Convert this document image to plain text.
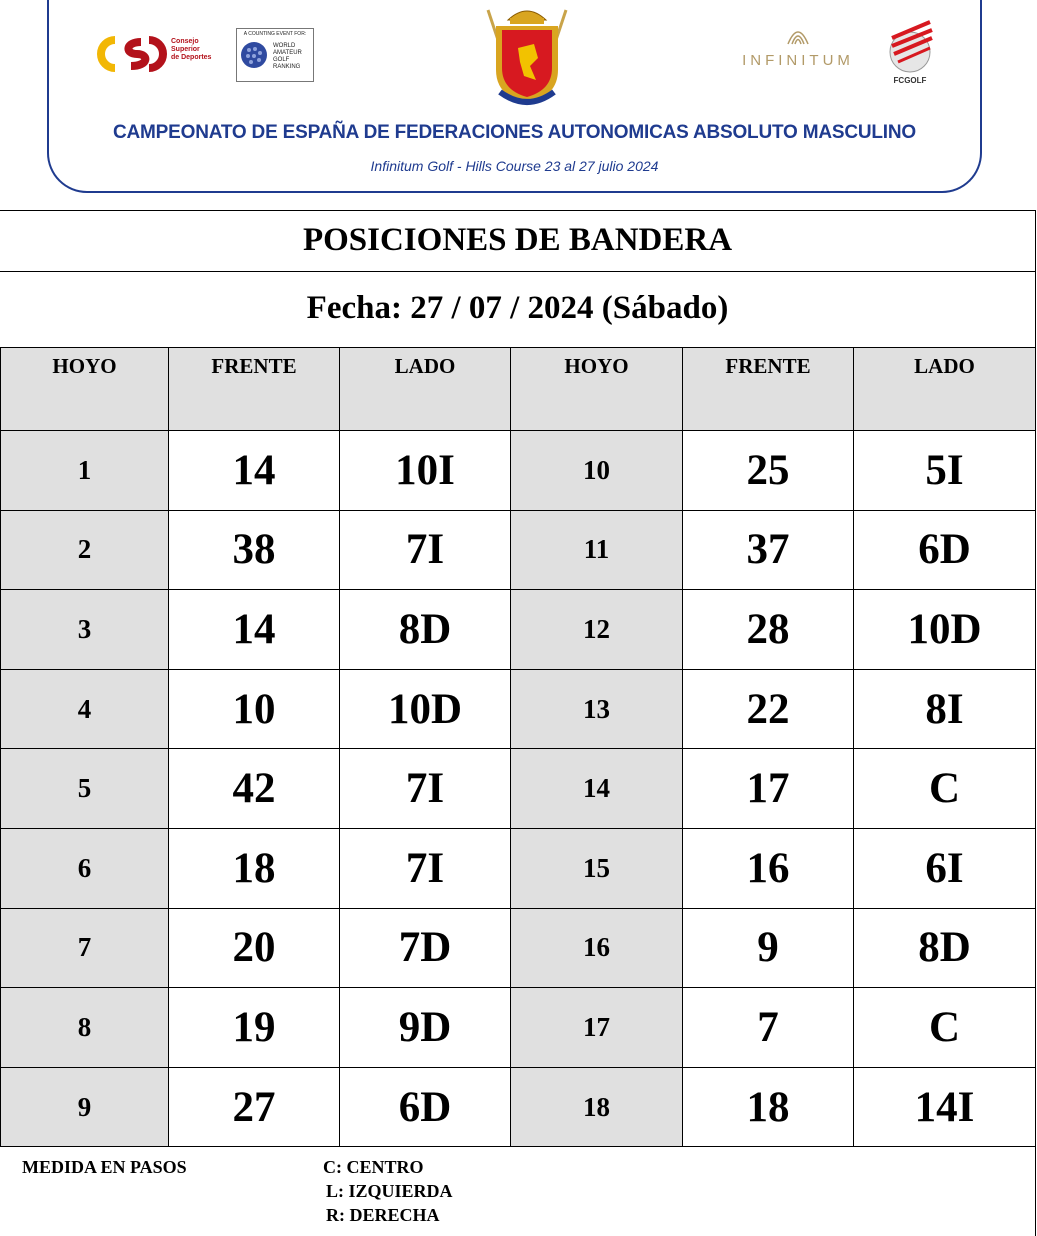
Consejo
Superior
de Deportes
A COUNTING EVENT FOR:
WORLD
AMATEUR
GOLF
RANKING	INFINITUM
FCGOLF
CAMPEONATO DE ESPAÑA DE FEDERACIONES AUTONOMICAS ABSOLUTO MASCULINO
Infinitum Golf - Hills Course 23 al 27 julio 2024
POSICIONES DE BANDERA
Fecha: 27 / 07 / 2024 (Sábado)
HOYO	FRENTE	LADO	HOYO	FRENTE	LADO
1	14	10I	10	25	5I
2	38	7I	11	37	6D
3	14	8D	12	28	10D
4	10	10D	13	22	8I
5	42	7I	14	17	C
6	18	7I	15	16	6I
7	20	7D	16	9	8D
8	19	9D	17	7	C
9	27	6D	18	18	14I
MEDIDA EN PASOS	C: CENTRO
L: IZQUIERDA
R: DERECHA
